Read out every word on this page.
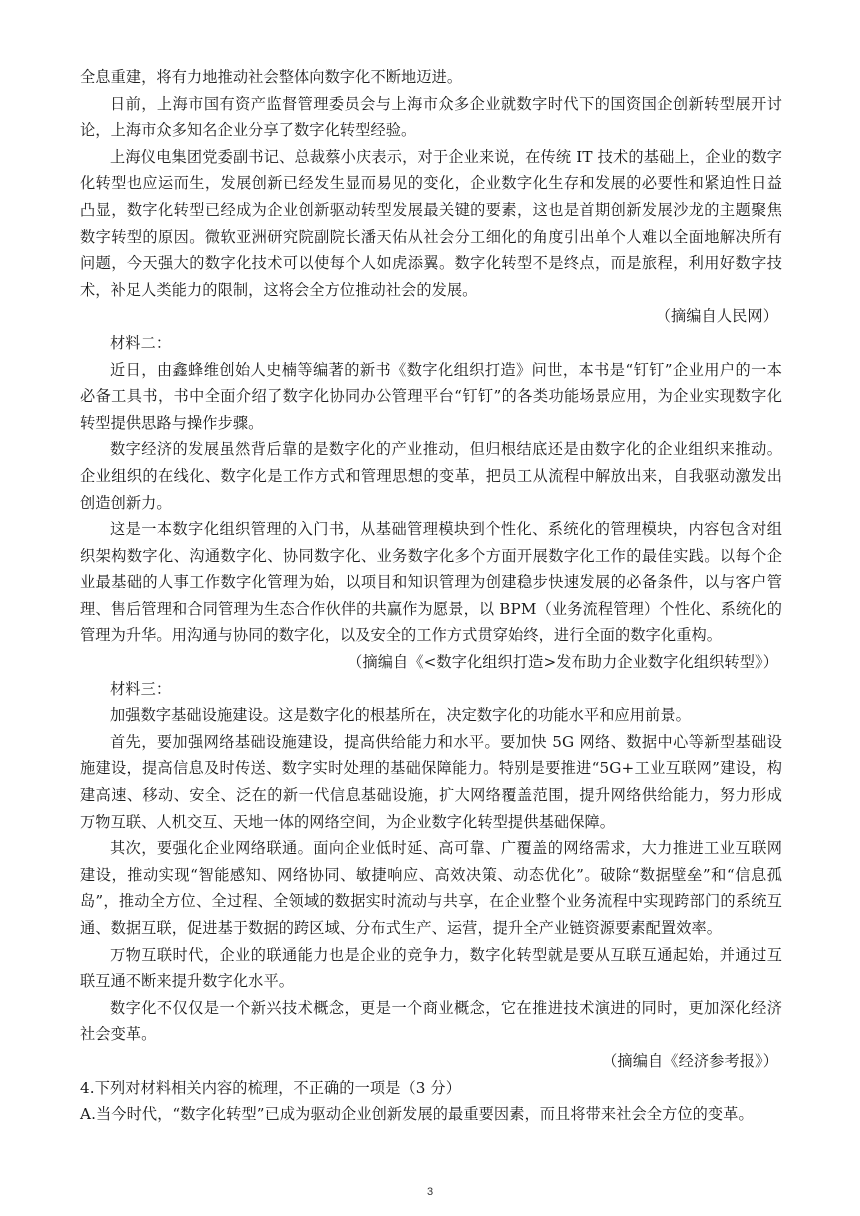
全息重建，将有力地推动社会整体向数字化不断地迈进。

日前，上海市国有资产监督管理委员会与上海市众多企业就数字时代下的国资国企创新转型展开讨论，上海市众多知名企业分享了数字化转型经验。

上海仪电集团党委副书记、总裁蔡小庆表示，对于企业来说，在传统 IT 技术的基础上，企业的数字化转型也应运而生，发展创新已经发生显而易见的变化，企业数字化生存和发展的必要性和紧迫性日益凸显，数字化转型已经成为企业创新驱动转型发展最关键的要素，这也是首期创新发展沙龙的主题聚焦数字转型的原因。微软亚洲研究院副院长潘天佑从社会分工细化的角度引出单个人难以全面地解决所有问题，今天强大的数字化技术可以使每个人如虎添翼。数字化转型不是终点，而是旅程，利用好数字技术，补足人类能力的限制，这将会全方位推动社会的发展。

（摘编自人民网）

材料二：

近日，由鑫蜂维创始人史楠等编著的新书《数字化组织打造》问世，本书是“钉钉”企业用户的一本必备工具书，书中全面介绍了数字化协同办公管理平台“钉钉”的各类功能场景应用，为企业实现数字化转型提供思路与操作步骤。

数字经济的发展虽然背后靠的是数字化的产业推动，但归根结底还是由数字化的企业组织来推动。企业组织的在线化、数字化是工作方式和管理思想的变革，把员工从流程中解放出来，自我驱动激发出创造创新力。

这是一本数字化组织管理的入门书，从基础管理模块到个性化、系统化的管理模块，内容包含对组织架构数字化、沟通数字化、协同数字化、业务数字化多个方面开展数字化工作的最佳实践。以每个企业最基础的人事工作数字化管理为始，以项目和知识管理为创建稳步快速发展的必备条件，以与客户管理、售后管理和合同管理为生态合作伙伴的共赢作为愿景，以 BPM（业务流程管理）个性化、系统化的管理为升华。用沟通与协同的数字化，以及安全的工作方式贯穿始终，进行全面的数字化重构。

（摘编自《<数字化组织打造>发布助力企业数字化组织转型》）

材料三：

加强数字基础设施建设。这是数字化的根基所在，决定数字化的功能水平和应用前景。

首先，要加强网络基础设施建设，提高供给能力和水平。要加快 5G 网络、数据中心等新型基础设施建设，提高信息及时传送、数字实时处理的基础保障能力。特别是要推进“5G+工业互联网”建设，构建高速、移动、安全、泛在的新一代信息基础设施，扩大网络覆盖范围，提升网络供给能力，努力形成万物互联、人机交互、天地一体的网络空间，为企业数字化转型提供基础保障。

其次，要强化企业网络联通。面向企业低时延、高可靠、广覆盖的网络需求，大力推进工业互联网建设，推动实现“智能感知、网络协同、敏捷响应、高效决策、动态优化”。破除“数据壁垒”和“信息孤岛”，推动全方位、全过程、全领域的数据实时流动与共享，在企业整个业务流程中实现跨部门的系统互通、数据互联，促进基于数据的跨区域、分布式生产、运营，提升全产业链资源要素配置效率。

万物互联时代，企业的联通能力也是企业的竞争力，数字化转型就是要从互联互通起始，并通过互联互通不断来提升数字化水平。

数字化不仅仅是一个新兴技术概念，更是一个商业概念，它在推进技术演进的同时，更加深化经济社会变革。

（摘编自《经济参考报》）

4.下列对材料相关内容的梳理，不正确的一项是（3 分）

A.当今时代，“数字化转型”已成为驱动企业创新发展的最重要因素，而且将带来社会全方位的变革。

3
